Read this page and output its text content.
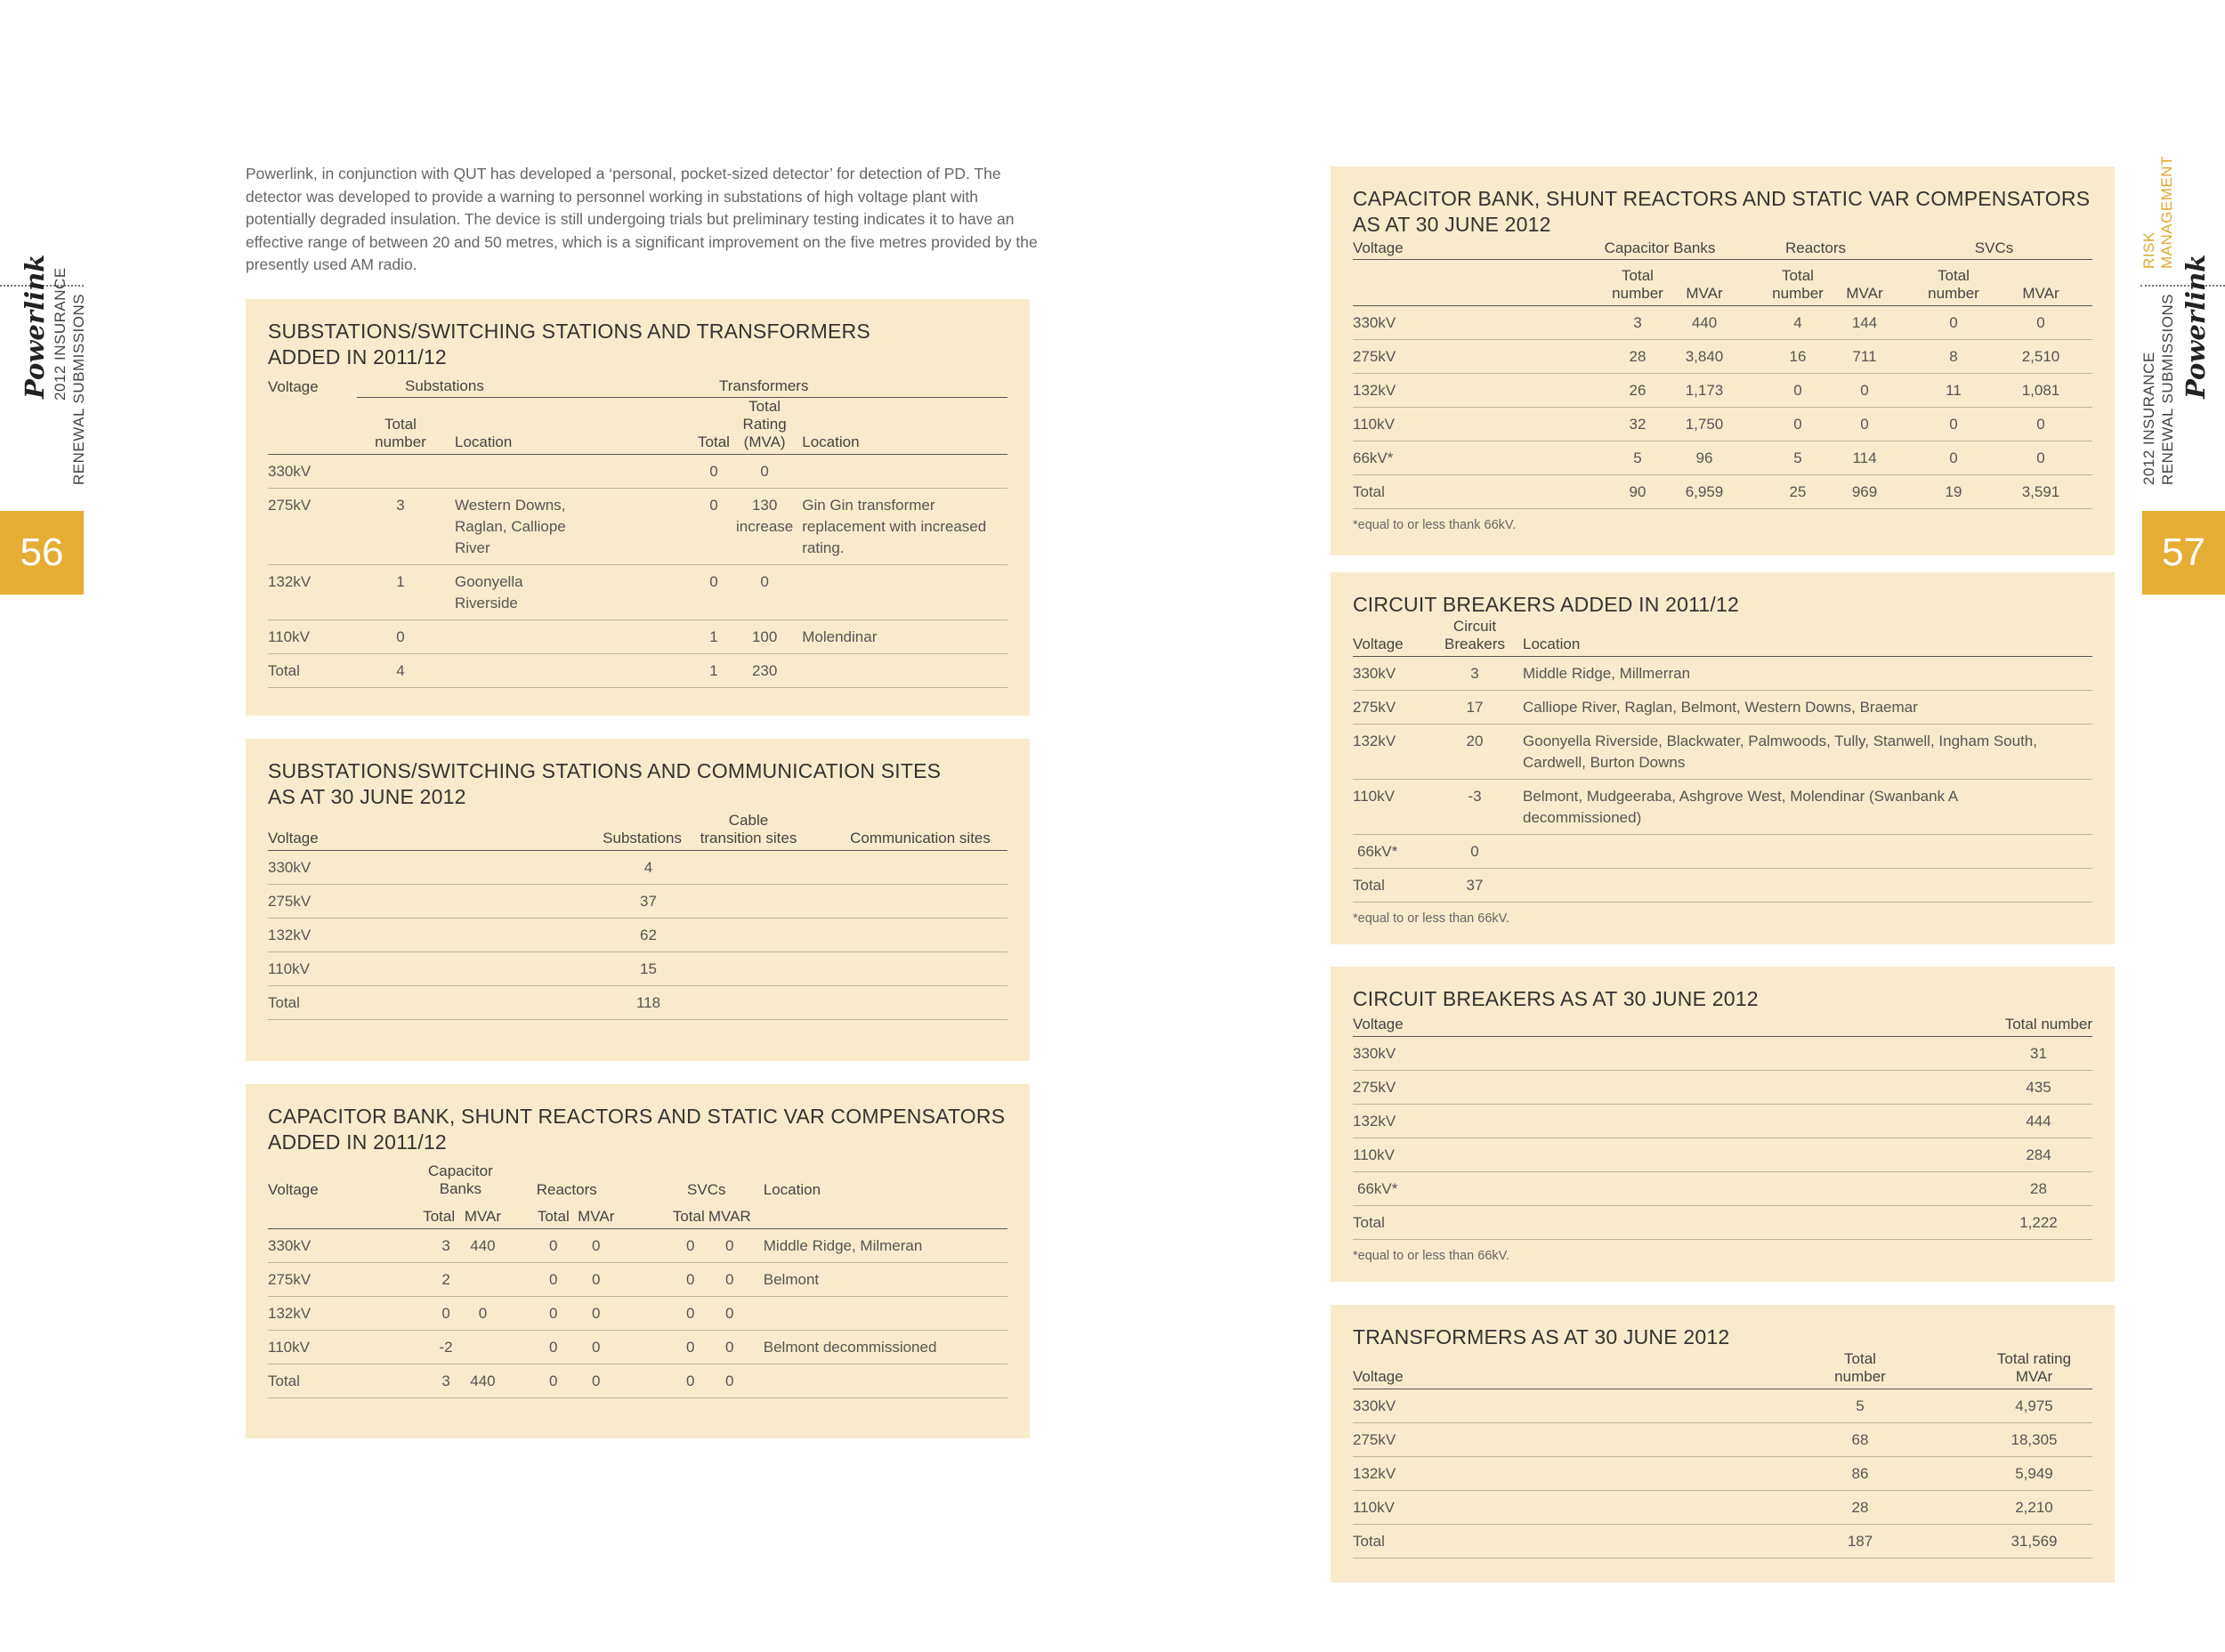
Powerlink 2012 INSURANCE RENEWAL SUBMISSIONS
56
RISK MANAGEMENT
2012 INSURANCE RENEWAL SUBMISSIONS Powerlink
57

Powerlink, in conjunction with QUT has developed a ‘personal, pocket-sized detector’ for detection of PD. The detector was developed to provide a warning to personnel working in substations of high voltage plant with potentially degraded insulation. The device is still undergoing trials but preliminary testing indicates it to have an effective range of between 20 and 50 metres, which is a significant improvement on the five metres provided by the presently used AM radio.

SUBSTATIONS/SWITCHING STATIONS AND TRANSFORMERS
ADDED IN 2011/12
Voltage	Substations		Transformers		
	Total number	Location	Total	Total Rating (MVA)	Location
330kV			0	0	
275kV	3	Western Downs, Raglan, Calliope River	0	130 increase	Gin Gin transformer replacement with increased rating.
132kV	1	Goonyella Riverside	0	0	
110kV	0		1	100	Molendinar
Total	4		1	230	
SUBSTATIONS/SWITCHING STATIONS AND COMMUNICATION SITES
AS AT 30 JUNE 2012
Voltage	Substations	Cable transition sites	Communication sites
330kV	4		
275kV	37		
132kV	62		
110kV	15		
Total	118		
CAPACITOR BANK, SHUNT REACTORS AND STATIC VAR COMPENSATORS
ADDED IN 2011/12
Voltage	Capacitor Banks		Reactors		SVCs		Location
	Total	MVAr	Total	MVAr	Total	MVAR	
330kV	3	440	0	0	0	0	Middle Ridge, Milmeran
275kV	2		0	0	0	0	Belmont
132kV	0	0	0	0	0	0	
110kV	-2		0	0	0	0	Belmont decommissioned
Total	3	440	0	0	0	0	
CAPACITOR BANK, SHUNT REACTORS AND STATIC VAR COMPENSATORS
AS AT 30 JUNE 2012
Voltage	Capacitor Banks		Reactors		SVCs	
	Total number	MVAr	Total number	MVAr	Total number	MVAr
330kV	3	440	4	144	0	0
275kV	28	3,840	16	711	8	2,510
132kV	26	1,173	0	0	11	1,081
110kV	32	1,750	0	0	0	0
66kV*	5	96	5	114	0	0
Total	90	6,959	25	969	19	3,591
*equal to or less thank 66kV.
CIRCUIT BREAKERS ADDED IN 2011/12
Voltage	Circuit Breakers	Location
330kV	3	Middle Ridge, Millmerran
275kV	17	Calliope River, Raglan, Belmont, Western Downs, Braemar
132kV	20	Goonyella Riverside, Blackwater, Palmwoods, Tully, Stanwell, Ingham South, Cardwell, Burton Downs
110kV	-3	Belmont, Mudgeeraba, Ashgrove West, Molendinar (Swanbank A decommissioned)
66kV*	0	
Total	37	
*equal to or less than 66kV.
CIRCUIT BREAKERS AS AT 30 JUNE 2012
Voltage	Total number
330kV	31
275kV	435
132kV	444
110kV	284
66kV*	28
Total	1,222
*equal to or less than 66kV.
TRANSFORMERS AS AT 30 JUNE 2012
Voltage	Total number	Total rating MVAr
330kV	5	4,975
275kV	68	18,305
132kV	86	5,949
110kV	28	2,210
Total	187	31,569
